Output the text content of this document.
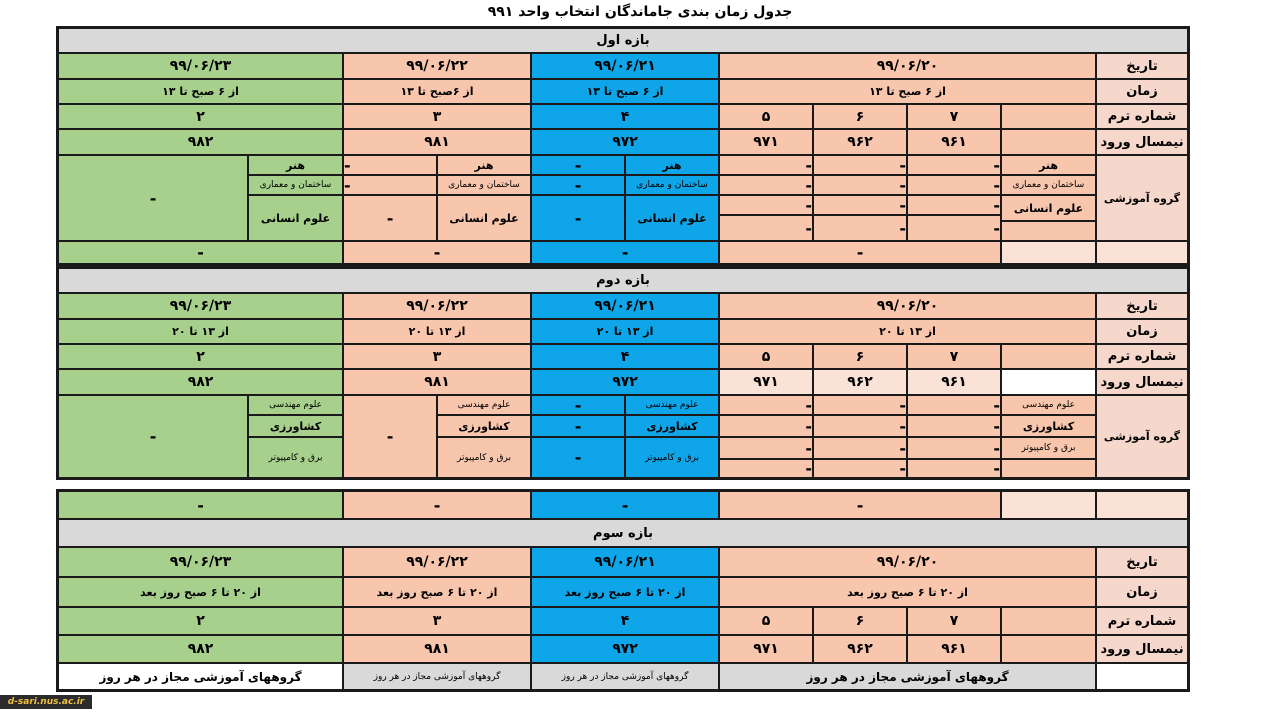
جدول زمان بندی جاماندگان انتخاب واحد ۹۹۱
بازه اول
تاریخ
۹۹/۰۶/۲۰
۹۹/۰۶/۲۱
۹۹/۰۶/۲۲
۹۹/۰۶/۲۳
زمان
از ۶ صبح تا ۱۳
از ۶ صبح تا ۱۳
از ۶صبح تا ۱۳
از ۶ صبح تا ۱۳
شماره ترم
۷
۶
۵
۴
۳
۲
نیمسال ورود
۹۶۱
۹۶۲
۹۷۱
۹۷۲
۹۸۱
۹۸۲
گروه آموزشی
هنر
ساختمان و معماری
علوم انسانی
-
-
-
-
-
-
-
-
-
-
-
-
هنر
ساختمان و معماری
علوم انسانی
-
-
-
هنر
ساختمان و معماری
علوم انسانی
-
-
-
هنر
ساختمان و معماری
علوم انسانی
-
-
-
-
-
بازه دوم
تاریخ
۹۹/۰۶/۲۰
۹۹/۰۶/۲۱
۹۹/۰۶/۲۲
۹۹/۰۶/۲۳
زمان
از ۱۳ تا ۲۰
از ۱۳ تا ۲۰
از ۱۳ تا ۲۰
از ۱۳ تا ۲۰
شماره ترم
۷
۶
۵
۴
۳
۲
نیمسال ورود
۹۶۱
۹۶۲
۹۷۱
۹۷۲
۹۸۱
۹۸۲
گروه آموزشی
علوم مهندسی
کشاورزی
برق و کامپیوتر
-
-
-
-
-
-
-
-
-
-
-
-
علوم مهندسی
کشاورزی
برق و کامپیوتر
-
-
-
علوم مهندسی
کشاورزی
برق و کامپیوتر
-
علوم مهندسی
کشاورزی
برق و کامپیوتر
-
-
-
-
-
بازه سوم
تاریخ
۹۹/۰۶/۲۰
۹۹/۰۶/۲۱
۹۹/۰۶/۲۲
۹۹/۰۶/۲۳
زمان
از ۲۰ تا ۶ صبح روز بعد
از ۲۰ تا ۶ صبح روز بعد
از ۲۰ تا ۶ صبح روز بعد
از ۲۰ تا ۶ صبح روز بعد
شماره ترم
۷
۶
۵
۴
۳
۲
نیمسال ورود
۹۶۱
۹۶۲
۹۷۱
۹۷۲
۹۸۱
۹۸۲
گروههای آموزشی مجاز در هر روز
گروههای آموزشی مجاز در هر روز
گروههای آموزشی مجاز در هر روز
گروههای آموزشی مجاز در هر روز
d-sari.nus.ac.ir
